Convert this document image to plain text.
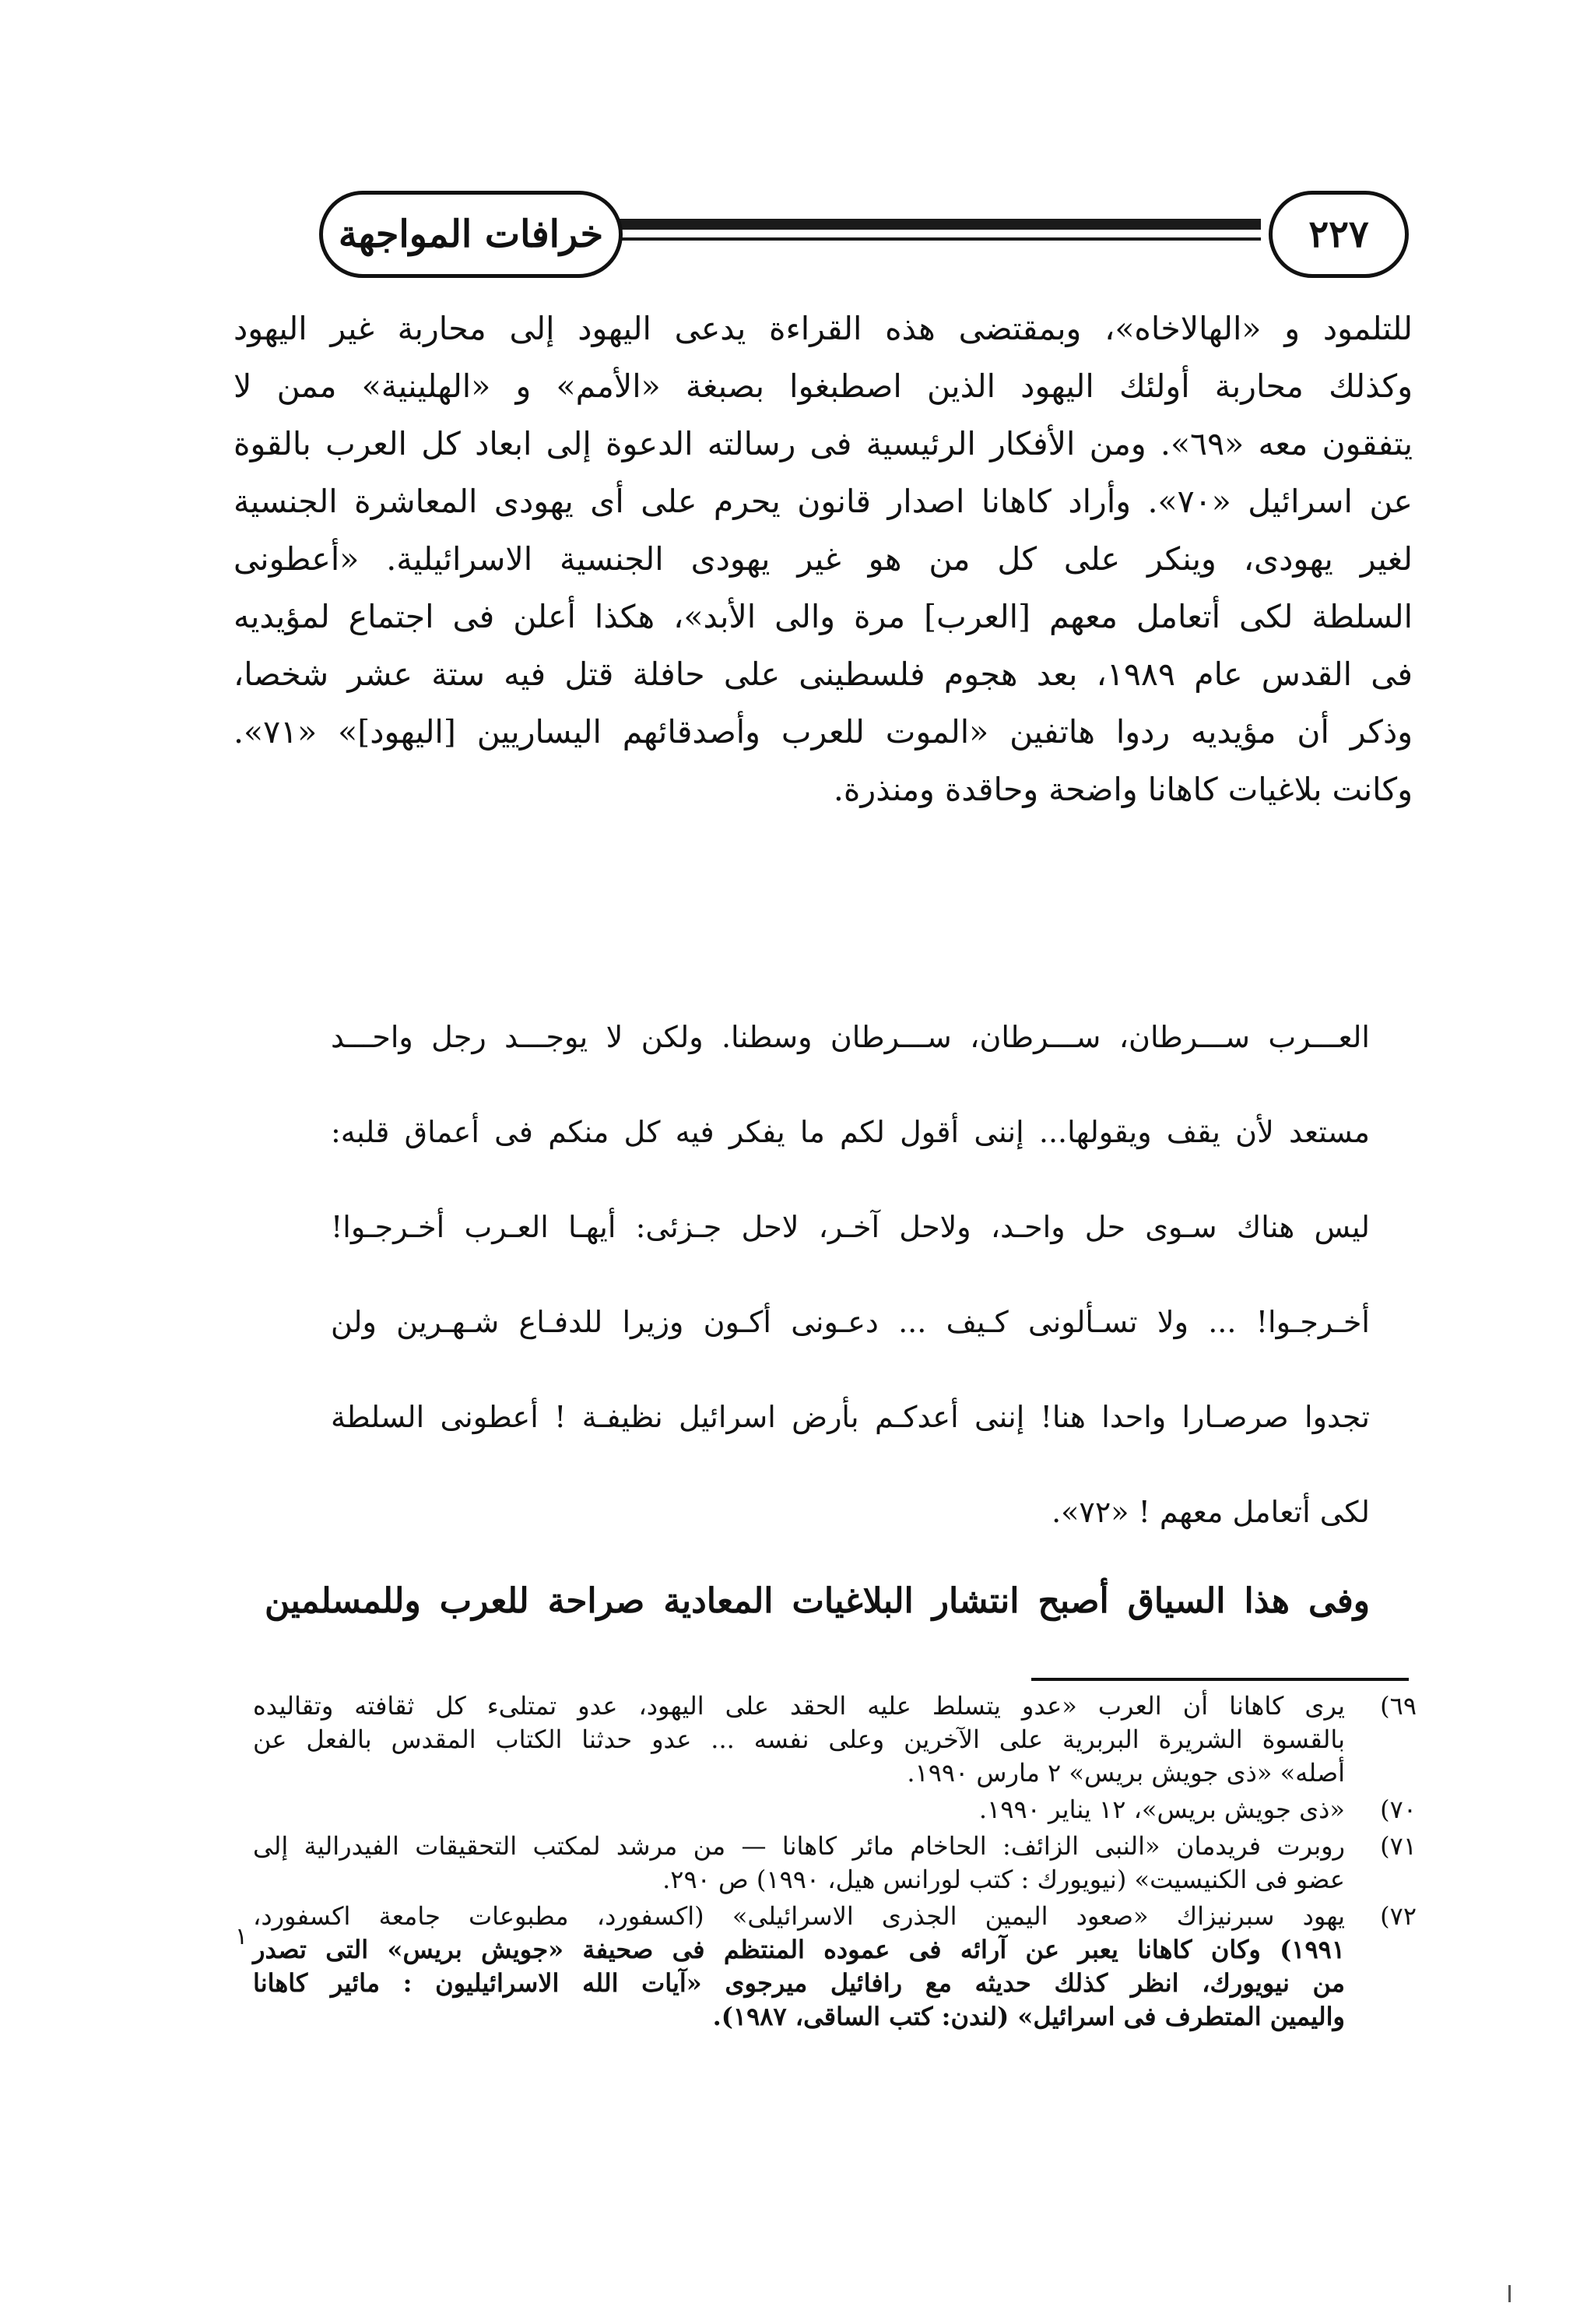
٢٢٧
خرافات المواجهة
للتلمود و «الهالاخاه»، وبمقتضى هذه القراءة يدعى اليهود إلى محاربة غير اليهود
وكذلك محاربة أولئك اليهود الذين اصطبغوا بصبغة «الأمم» و «الهلينية» ممن لا
يتفقون معه «٦٩». ومن الأفكار الرئيسية فى رسالته الدعوة إلى ابعاد كل العرب بالقوة
عن اسرائيل «٧٠». وأراد كاهانا اصدار قانون يحرم على أى يهودى المعاشرة الجنسية
لغير يهودى، وينكر على كل من هو غير يهودى الجنسية الاسرائيلية. «أعطونى
السلطة لكى أتعامل معهم [العرب] مرة والى الأبد»، هكذا أعلن فى اجتماع لمؤيديه
فى القدس عام ١٩٨٩، بعد هجوم فلسطينى على حافلة قتل فيه ستة عشر شخصا،
وذكر أن مؤيديه ردوا هاتفين «الموت للعرب وأصدقائهم اليساريين [اليهود]» «٧١».
وكانت بلاغيات كاهانا واضحة وحاقدة ومنذرة.
العـــرب ســـرطان، ســـرطان، ســـرطان وسطنا. ولكن لا يوجـــد رجل واحـــد
مستعد لأن يقف ويقولها... إننى أقول لكم ما يفكر فيه كل منكم فى أعماق قلبه:
ليس هناك سـوى حل واحـد، ولاحل آخـر، لاحل جـزئى: أيهـا العـرب أخـرجـوا!
أخـرجـوا! ... ولا تسـألونى كـيف ... دعـونى أكـون وزيرا للدفـاع شـهـرين ولن
تجدوا صرصـارا واحدا هنا! إننى أعدكـم بأرض اسرائيل نظيفـة ! أعطونى السلطة
لكى أتعامل معهم ! «٧٢».
وفى هذا السياق أصبح انتشار البلاغيات المعادية صراحة للعرب وللمسلمين
٦٩)
يرى كاهانا أن العرب «عدو يتسلط عليه الحقد على اليهود، عدو تمتلىء كل ثقافته وتقاليده
بالقسوة الشريرة البربرية على الآخرين وعلى نفسه ... عدو حدثنا الكتاب المقدس بالفعل عن
أصله» «ذى جويش بريس» ٢ مارس ١٩٩٠.
٧٠)
«ذى جويش بريس»، ١٢ يناير ١٩٩٠.
٧١)
روبرت فريدمان «النبى الزائف: الحاخام مائر كاهانا — من مرشد لمكتب التحقيقات الفيدرالية إلى
عضو فى الكنيسيت» (نيويورك : كتب لورانس هيل، ١٩٩٠) ص ٢٩٠.
٧٢)
يهود سبرنيزاك «صعود اليمين الجذرى الاسرائيلى» (اكسفورد، مطبوعات جامعة اكسفورد،
١٩٩١) وكان كاهانا يعبر عن آرائه فى عموده المنتظم فى صحيفة «جويش بريس» التى تصدر
من نيويورك، انظر كذلك حديثه مع رافائيل ميرجوى «آيات الله الاسرائيليون : مائير كاهانا
واليمين المتطرف فى اسرائيل» (لندن: كتب الساقى، ١٩٨٧).
١
